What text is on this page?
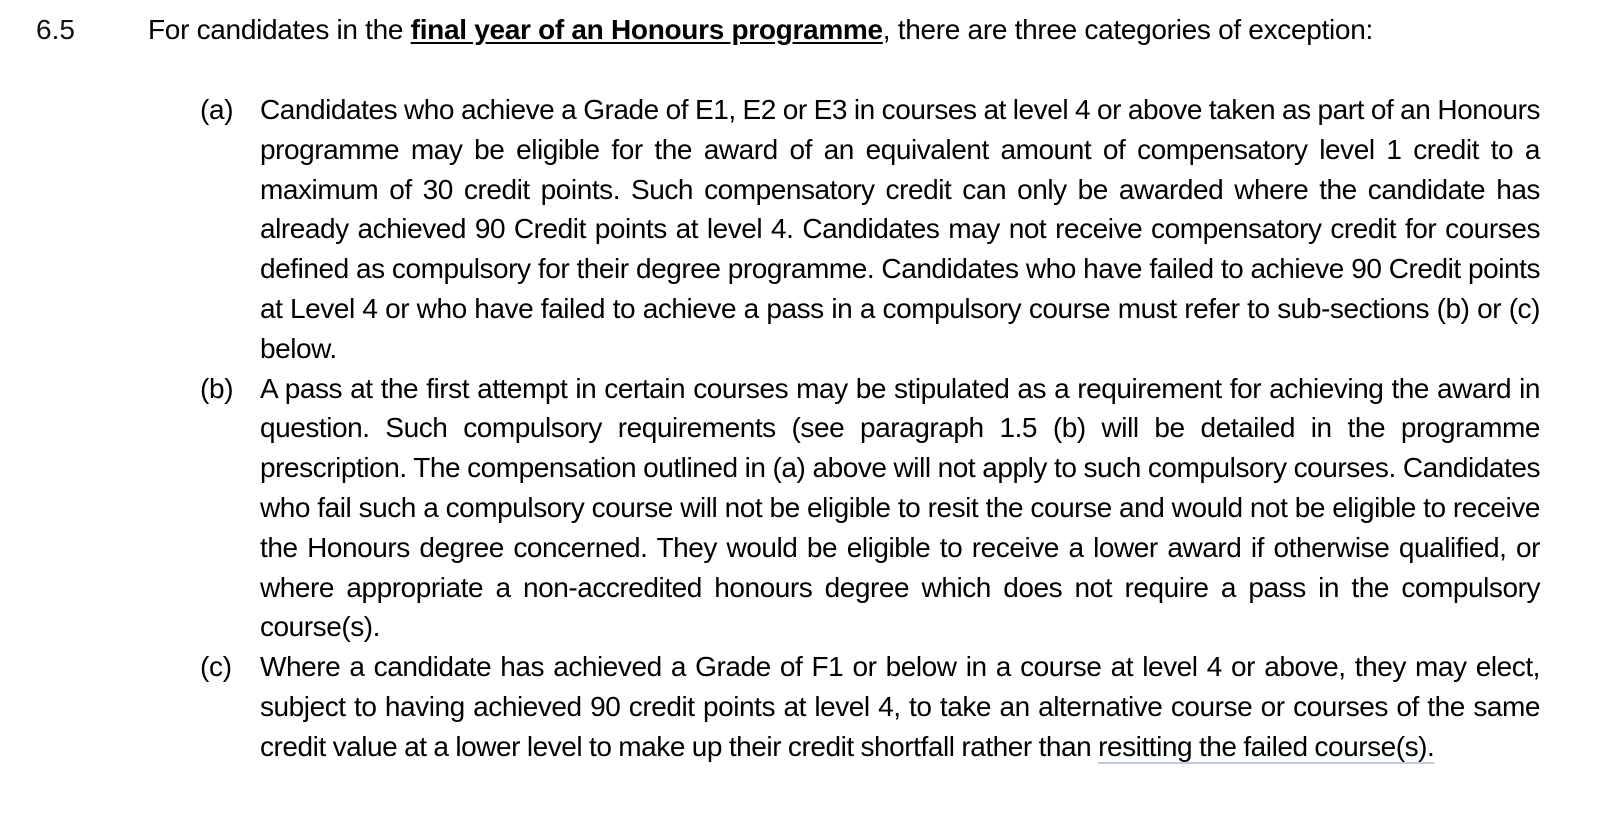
6.5	For candidates in the final year of an Honours programme, there are three categories of exception:
(a) Candidates who achieve a Grade of E1, E2 or E3 in courses at level 4 or above taken as part of an Honours programme may be eligible for the award of an equivalent amount of compensatory level 1 credit to a maximum of 30 credit points. Such compensatory credit can only be awarded where the candidate has already achieved 90 Credit points at level 4. Candidates may not receive compensatory credit for courses defined as compulsory for their degree programme. Candidates who have failed to achieve 90 Credit points at Level 4 or who have failed to achieve a pass in a compulsory course must refer to sub-sections (b) or (c) below.
(b) A pass at the first attempt in certain courses may be stipulated as a requirement for achieving the award in question. Such compulsory requirements (see paragraph 1.5 (b) will be detailed in the programme prescription. The compensation outlined in (a) above will not apply to such compulsory courses. Candidates who fail such a compulsory course will not be eligible to resit the course and would not be eligible to receive the Honours degree concerned. They would be eligible to receive a lower award if otherwise qualified, or where appropriate a non-accredited honours degree which does not require a pass in the compulsory course(s).
(c)	Where a candidate has achieved a Grade of F1 or below in a course at level 4 or above, they may elect, subject to having achieved 90 credit points at level 4, to take an alternative course or courses of the same credit value at a lower level to make up their credit shortfall rather than resitting the failed course(s).
